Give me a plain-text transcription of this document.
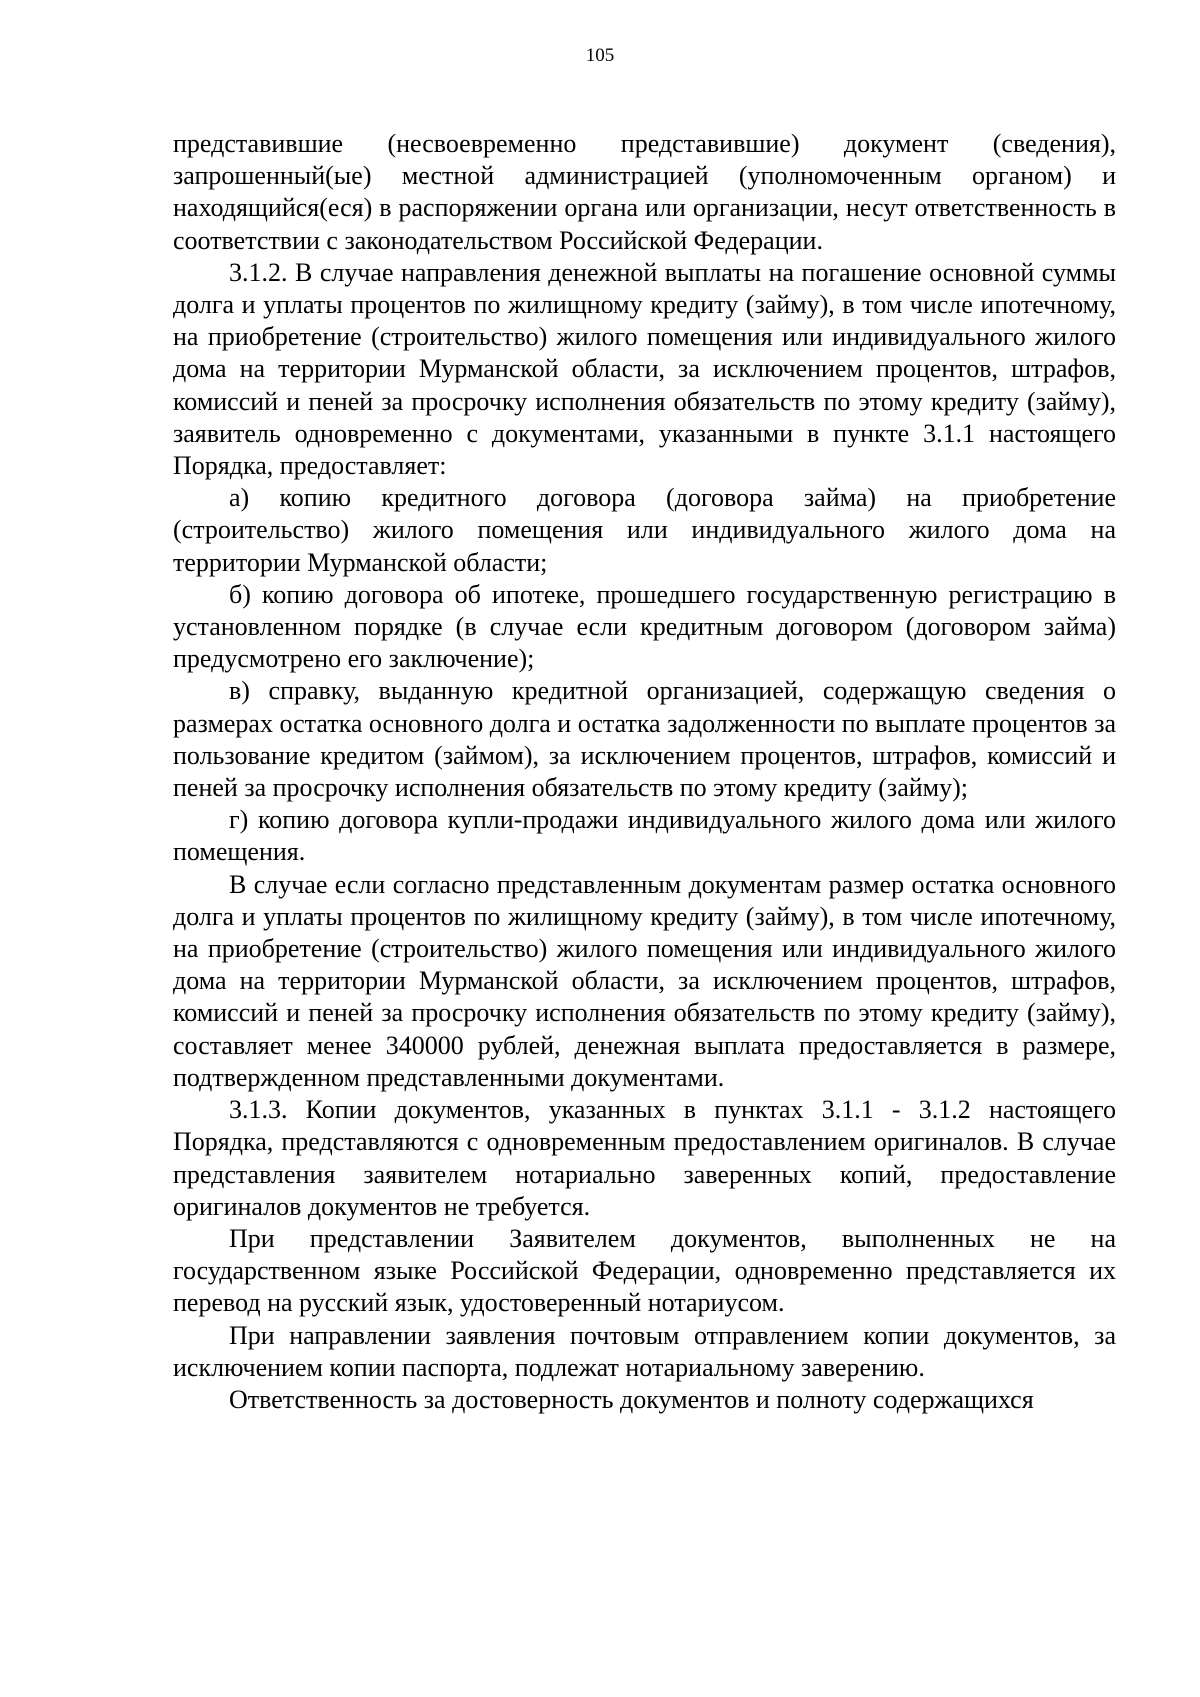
105

представившие (несвоевременно представившие) документ (сведения), запрошенный(ые) местной администрацией (уполномоченным органом) и находящийся(еся) в распоряжении органа или организации, несут ответственность в соответствии с законодательством Российской Федерации.

3.1.2. В случае направления денежной выплаты на погашение основной суммы долга и уплаты процентов по жилищному кредиту (займу), в том числе ипотечному, на приобретение (строительство) жилого помещения или индивидуального жилого дома на территории Мурманской области, за исключением процентов, штрафов, комиссий и пеней за просрочку исполнения обязательств по этому кредиту (займу), заявитель одновременно с документами, указанными в пункте 3.1.1 настоящего Порядка, предоставляет:

а) копию кредитного договора (договора займа) на приобретение (строительство) жилого помещения или индивидуального жилого дома на территории Мурманской области;

б) копию договора об ипотеке, прошедшего государственную регистрацию в установленном порядке (в случае если кредитным договором (договором займа) предусмотрено его заключение);

в) справку, выданную кредитной организацией, содержащую сведения о размерах остатка основного долга и остатка задолженности по выплате процентов за пользование кредитом (займом), за исключением процентов, штрафов, комиссий и пеней за просрочку исполнения обязательств по этому кредиту (займу);

г) копию договора купли-продажи индивидуального жилого дома или жилого помещения.

В случае если согласно представленным документам размер остатка основного долга и уплаты процентов по жилищному кредиту (займу), в том числе ипотечному, на приобретение (строительство) жилого помещения или индивидуального жилого дома на территории Мурманской области, за исключением процентов, штрафов, комиссий и пеней за просрочку исполнения обязательств по этому кредиту (займу), составляет менее 340000 рублей, денежная выплата предоставляется в размере, подтвержденном представленными документами.

3.1.3. Копии документов, указанных в пунктах 3.1.1 - 3.1.2 настоящего Порядка, представляются с одновременным предоставлением оригиналов. В случае представления заявителем нотариально заверенных копий, предоставление оригиналов документов не требуется.

При представлении Заявителем документов, выполненных не на государственном языке Российской Федерации, одновременно представляется их перевод на русский язык, удостоверенный нотариусом.

При направлении заявления почтовым отправлением копии документов, за исключением копии паспорта, подлежат нотариальному заверению.

Ответственность за достоверность документов и полноту содержащихся
